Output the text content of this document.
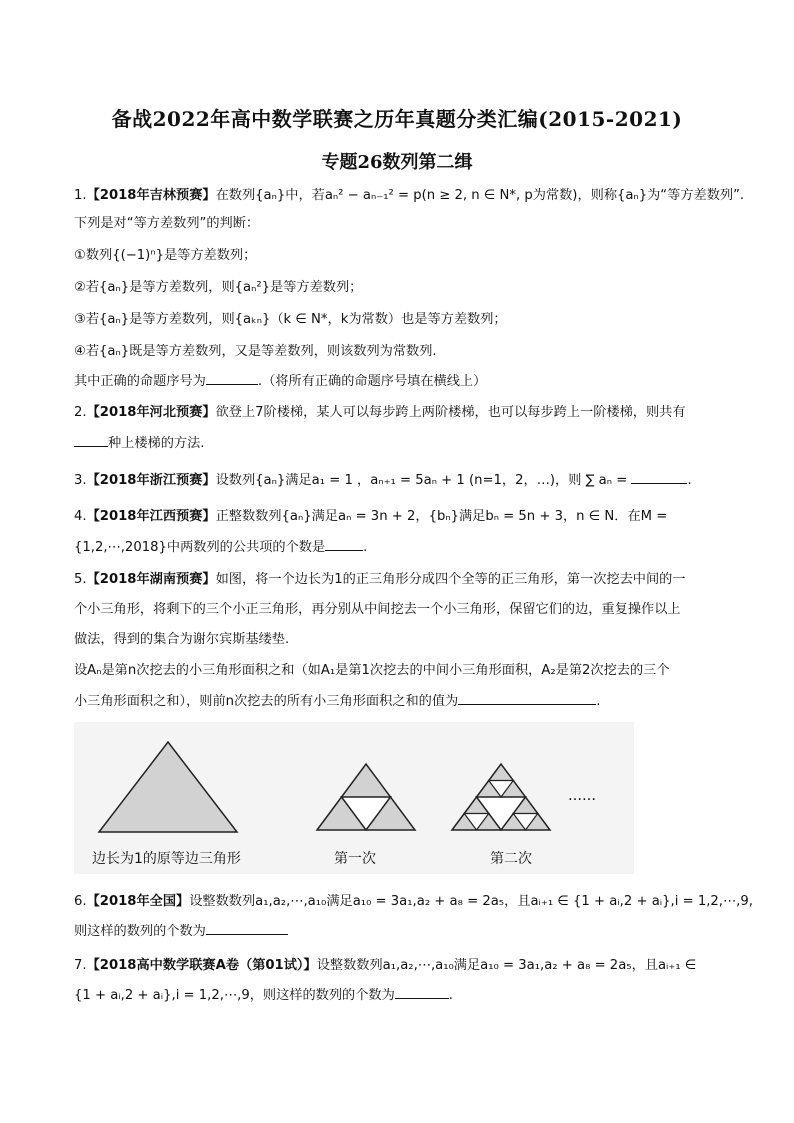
备战2022年高中数学联赛之历年真题分类汇编(2015-2021)
专题26数列第二缉
1.【2018年吉林预赛】在数列{aₙ}中，若aₙ² − aₙ₋₁² = p(n ≥ 2, n ∈ N*, p为常数)，则称{aₙ}为“等方差数列”.
下列是对“等方差数列”的判断：
①数列{(−1)ⁿ}是等方差数列；
②若{aₙ}是等方差数列，则{aₙ²}是等方差数列；
③若{aₙ}是等方差数列，则{aₖₙ}（k ∈ N*，k为常数）也是等方差数列；
④若{aₙ}既是等方差数列，又是等差数列，则该数列为常数列.
其中正确的命题序号为	.（将所有正确的命题序号填在横线上）
2.【2018年河北预赛】欲登上7阶楼梯，某人可以每步跨上两阶楼梯，也可以每步跨上一阶楼梯，则共有
种上楼梯的方法.
3.【2018年浙江预赛】设数列{aₙ}满足a₁ = 1 ，aₙ₊₁ = 5aₙ + 1 (n=1，2，…)，则 ∑ aₙ =	.
4.【2018年江西预赛】正整数数列{aₙ}满足aₙ = 3n + 2，{bₙ}满足bₙ = 5n + 3，n ∈ N．在M =
{1,2,⋯,2018}中两数列的公共项的个数是	.
5.【2018年湖南预赛】如图，将一个边长为1的正三角形分成四个全等的正三角形，第一次挖去中间的一
个小三角形，将剩下的三个小正三角形，再分别从中间挖去一个小三角形，保留它们的边，重复操作以上
做法，得到的集合为谢尔宾斯基缕垫.
设Aₙ是第n次挖去的小三角形面积之和（如A₁是第1次挖去的中间小三角形面积，A₂是第2次挖去的三个
小三角形面积之和），则前n次挖去的所有小三角形面积之和的值为	.
……
边长为1的原等边三角形	第一次	第二次
6.【2018年全国】设整数数列a₁,a₂,⋯,a₁₀满足a₁₀ = 3a₁,a₂ + a₈ = 2a₅，且aᵢ₊₁ ∈ {1 + aᵢ,2 + aᵢ},i = 1,2,⋯,9,
则这样的数列的个数为
7.【2018高中数学联赛A卷（第01试）】设整数数列a₁,a₂,⋯,a₁₀满足a₁₀ = 3a₁,a₂ + a₈ = 2a₅，且aᵢ₊₁ ∈
{1 + aᵢ,2 + aᵢ},i = 1,2,⋯,9，则这样的数列的个数为	.
